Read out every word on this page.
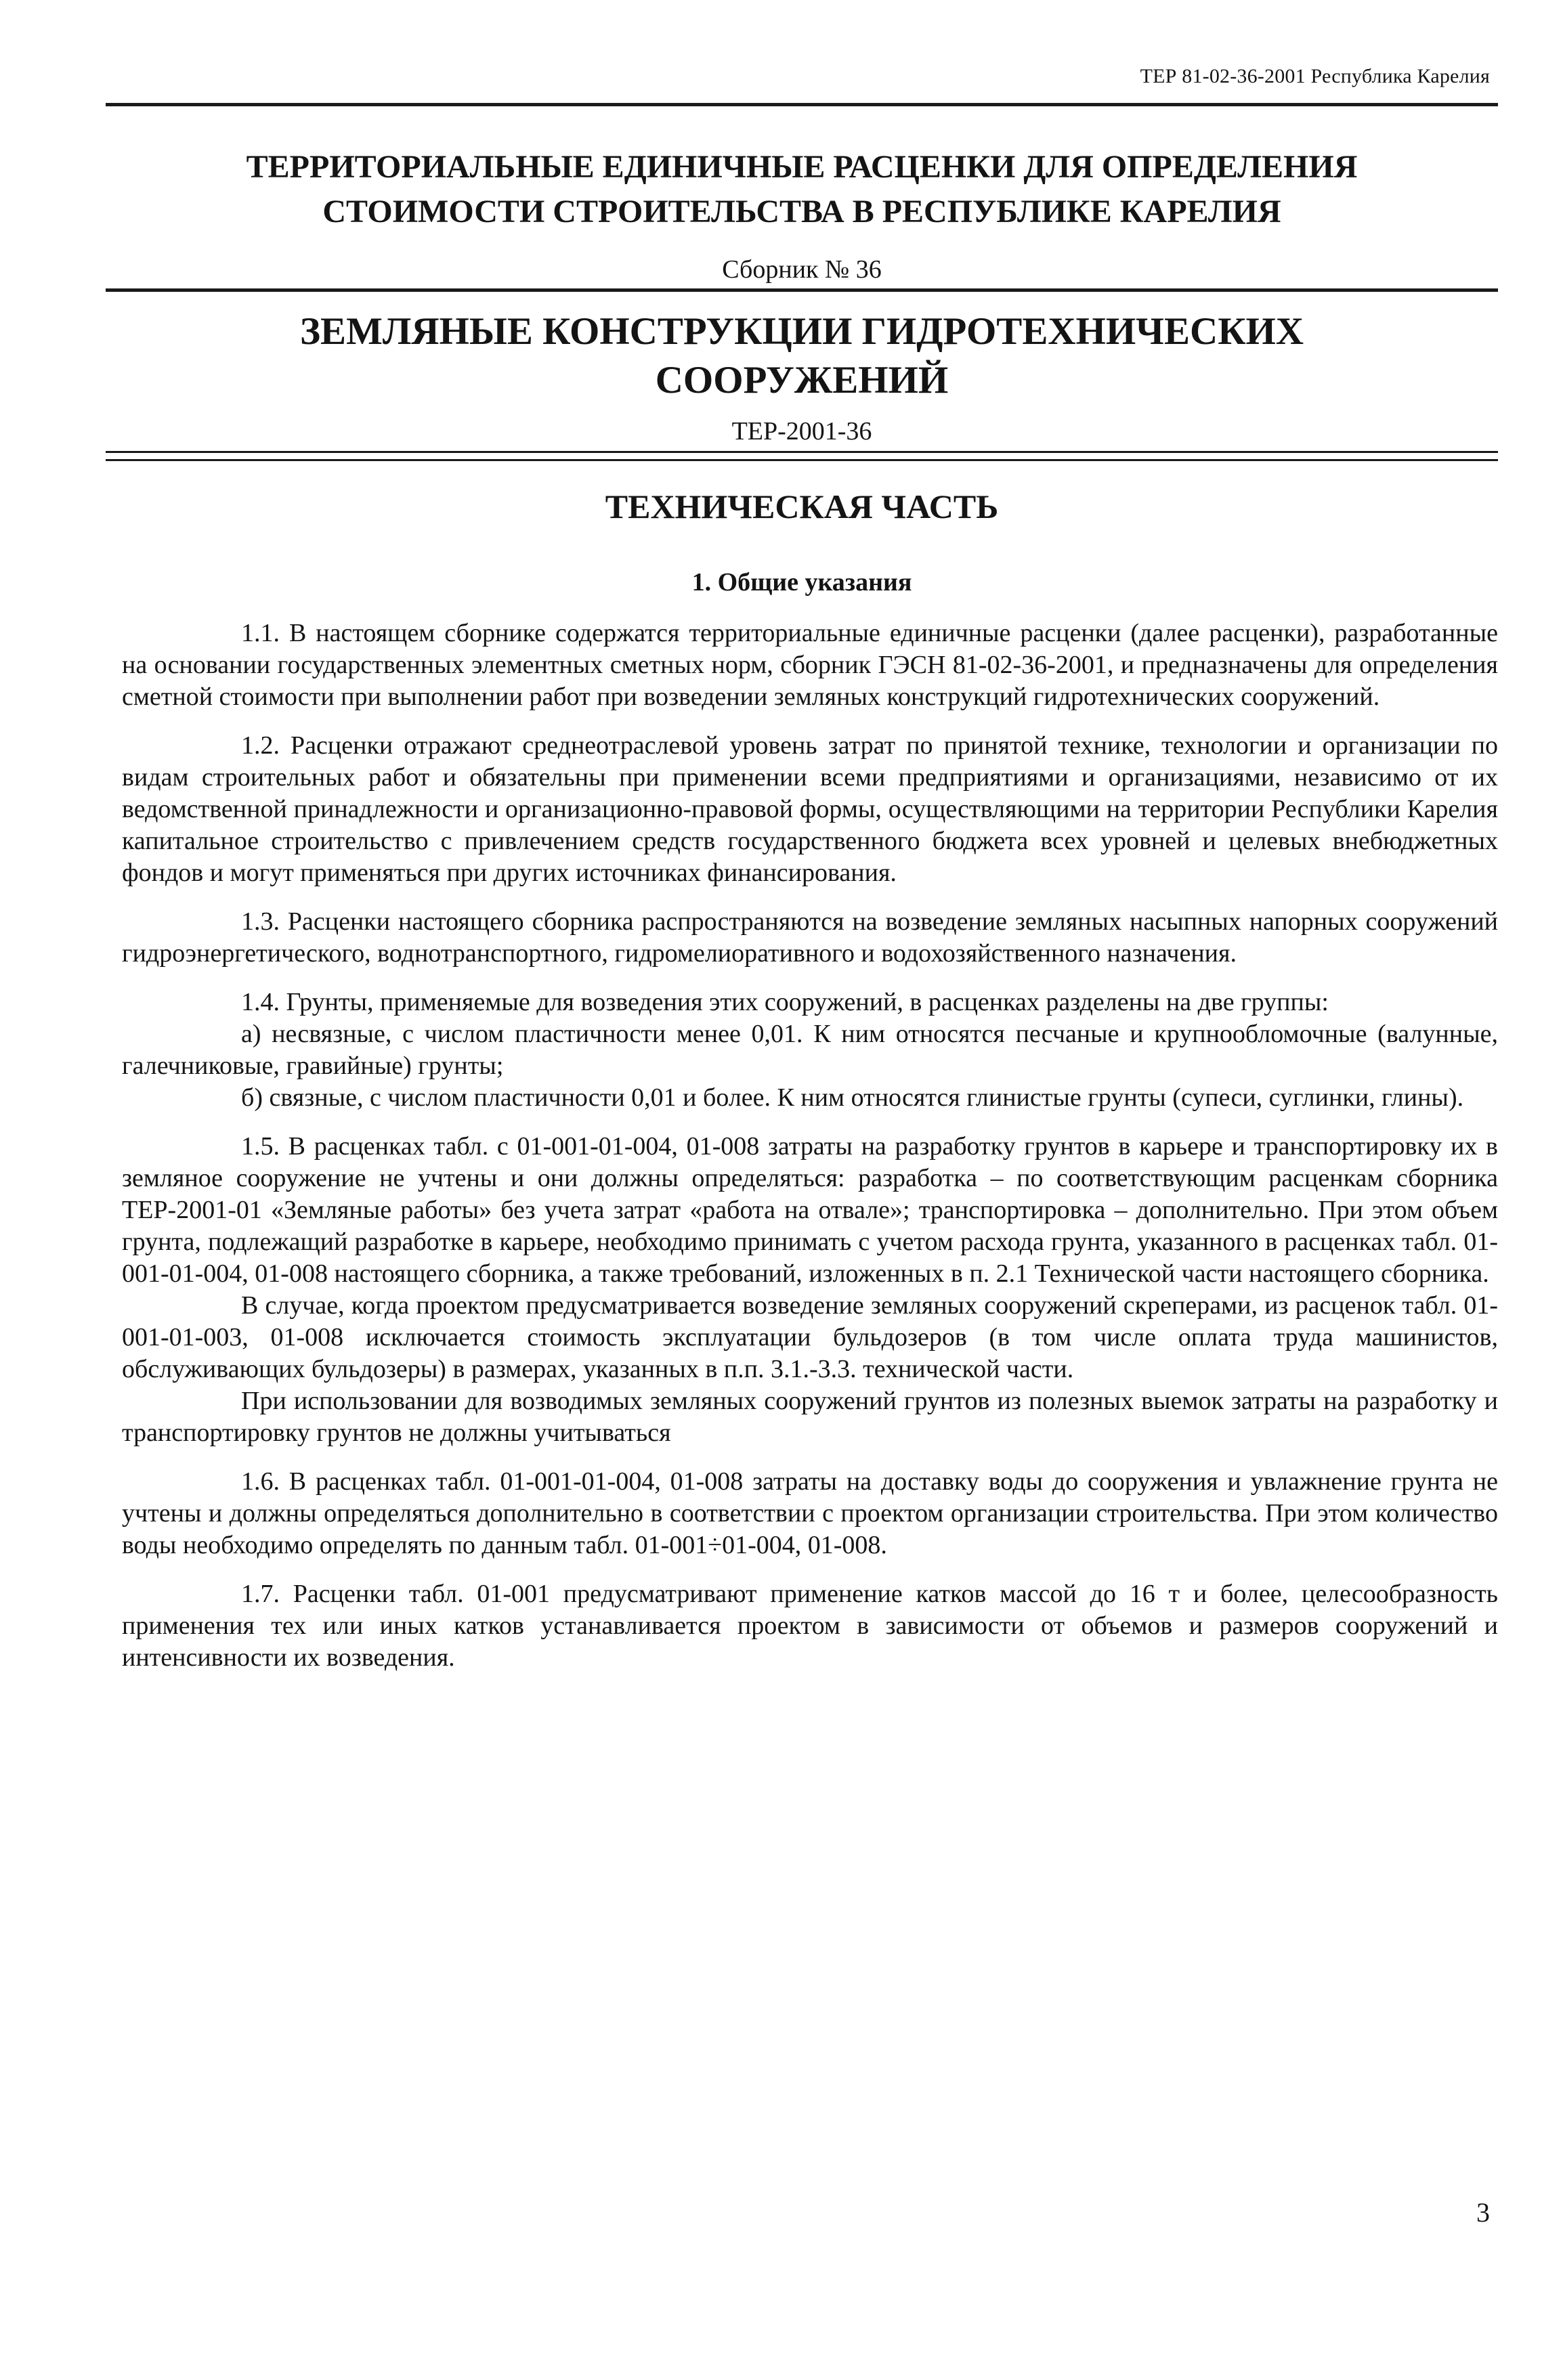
ТЕР 81-02-36-2001 Республика Карелия
ТЕРРИТОРИАЛЬНЫЕ ЕДИНИЧНЫЕ РАСЦЕНКИ ДЛЯ ОПРЕДЕЛЕНИЯ
СТОИМОСТИ СТРОИТЕЛЬСТВА В РЕСПУБЛИКЕ КАРЕЛИЯ
Сборник № 36
ЗЕМЛЯНЫЕ КОНСТРУКЦИИ ГИДРОТЕХНИЧЕСКИХ
СООРУЖЕНИЙ
ТЕР-2001-36
ТЕХНИЧЕСКАЯ ЧАСТЬ
1. Общие указания

1.1. В настоящем сборнике содержатся территориальные единичные расценки (далее расценки), разработанные на основании государственных элементных сметных норм, сборник ГЭСН 81-02-36-2001, и предназначены для определения сметной стоимости при выполнении работ при возведении земляных конструкций гидротехнических сооружений.

1.2. Расценки отражают среднеотраслевой уровень затрат по принятой технике, технологии и организации по видам строительных работ и обязательны при применении всеми предприятиями и организациями, независимо от их ведомственной принадлежности и организационно-правовой формы, осуществляющими на территории Республики Карелия капитальное строительство с привлечением средств государственного бюджета всех уровней и целевых внебюджетных фондов и могут применяться при других источниках финансирования.

1.3. Расценки настоящего сборника распространяются на возведение земляных насыпных напорных сооружений гидроэнергетического, воднотранспортного, гидромелиоративного и водохозяйственного назначения.

1.4. Грунты, применяемые для возведения этих сооружений, в расценках разделены на две группы:

а) несвязные, с числом пластичности менее 0,01. К ним относятся песчаные и крупнообломочные (валунные, галечниковые, гравийные) грунты;

б) связные, с числом пластичности 0,01 и более. К ним относятся глинистые грунты (супеси, суглинки, глины).

1.5. В расценках табл. с 01-001-01-004, 01-008 затраты на разработку грунтов в карьере и транспортировку их в земляное сооружение не учтены и они должны определяться: разработка – по соответствующим расценкам сборника ТЕР-2001-01 «Земляные работы» без учета затрат «работа на отвале»; транспортировка – дополнительно. При этом объем грунта, подлежащий разработке в карьере, необходимо принимать с учетом расхода грунта, указанного в расценках табл. 01-001-01-004, 01-008 настоящего сборника, а также требований, изложенных в п. 2.1 Технической части настоящего сборника.

В случае, когда проектом предусматривается возведение земляных сооружений скреперами, из расценок табл. 01-001-01-003, 01-008 исключается стоимость эксплуатации бульдозеров (в том числе оплата труда машинистов, обслуживающих бульдозеры) в размерах, указанных в п.п. 3.1.-3.3. технической части.

При использовании для возводимых земляных сооружений грунтов из полезных выемок затраты на разработку и транспортировку грунтов не должны учитываться

1.6. В расценках табл. 01-001-01-004, 01-008 затраты на доставку воды до сооружения и увлажнение грунта не учтены и должны определяться дополнительно в соответствии с проектом организации строительства. При этом количество воды необходимо определять по данным табл. 01-001÷01-004, 01-008.

1.7. Расценки табл. 01-001 предусматривают применение катков массой до 16 т и более, целесообразность применения тех или иных катков устанавливается проектом в зависимости от объемов и размеров сооружений и интенсивности их возведения.

3
